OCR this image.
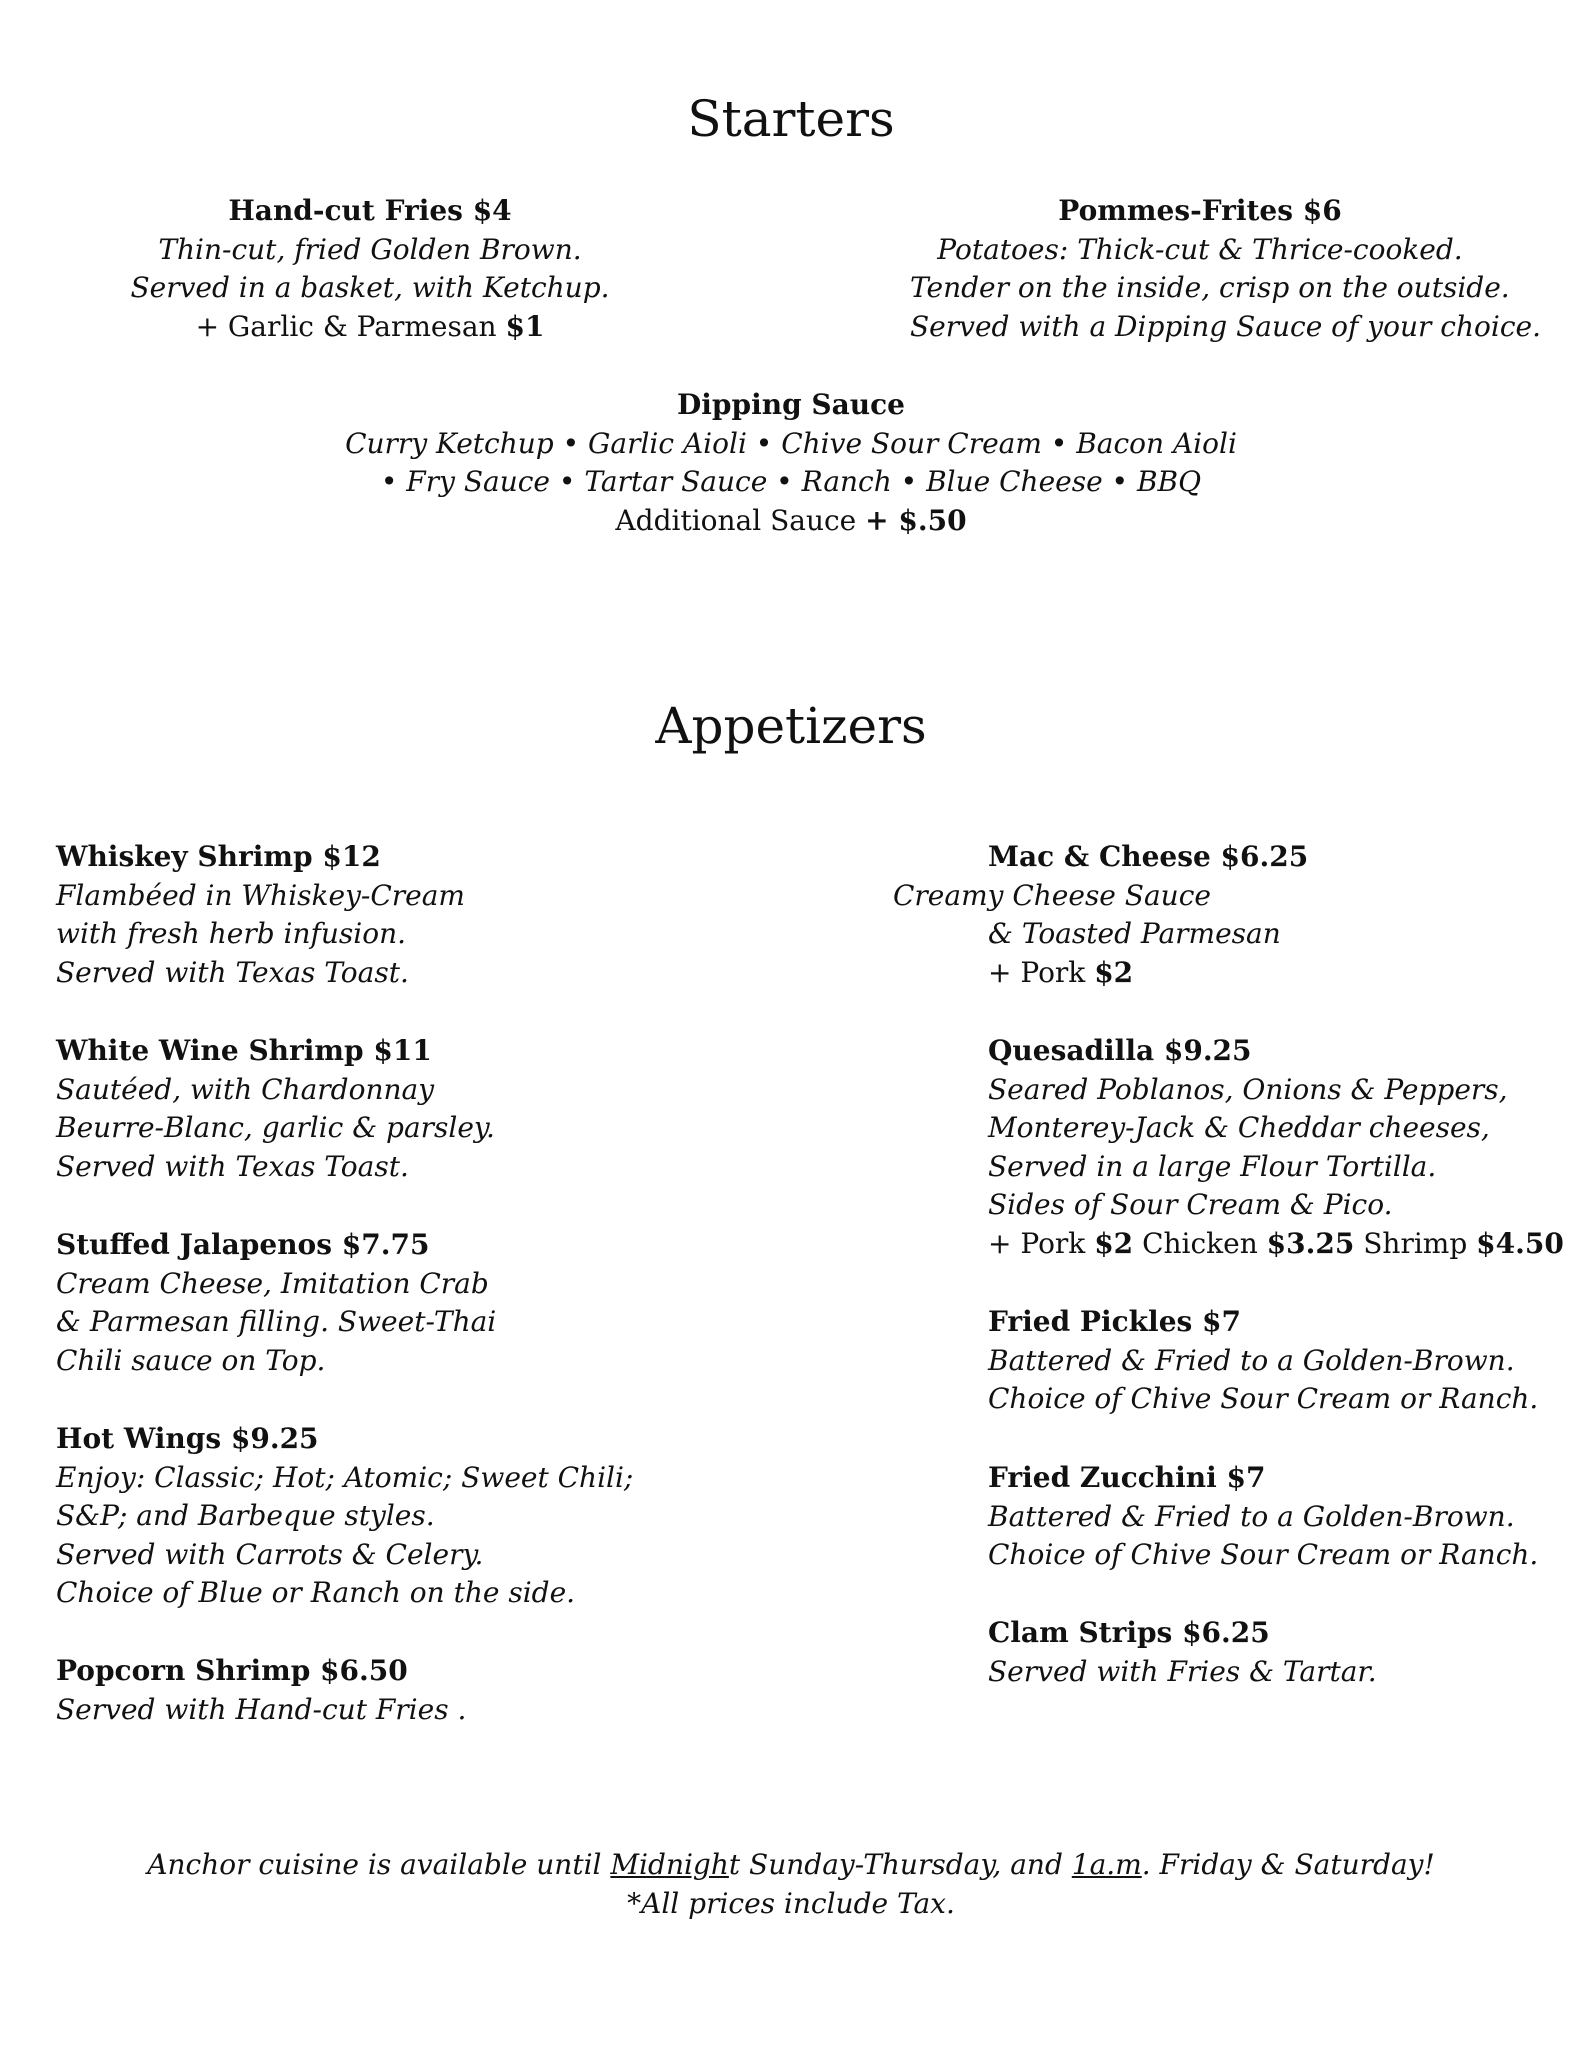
Starters
Hand-cut Fries $4
Thin-cut, fried Golden Brown.
Served in a basket, with Ketchup.
+ Garlic & Parmesan $1
Pommes-Frites $6
Potatoes: Thick-cut & Thrice-cooked.
Tender on the inside, crisp on the outside.
Served with a Dipping Sauce of your choice.
Dipping Sauce
Curry Ketchup • Garlic Aioli • Chive Sour Cream • Bacon Aioli
• Fry Sauce • Tartar Sauce • Ranch • Blue Cheese • BBQ
Additional Sauce + $.50
Appetizers
Whiskey Shrimp $12
Flambéed in Whiskey-Cream
with fresh herb infusion.
Served with Texas Toast.
White Wine Shrimp $11
Sautéed, with Chardonnay
Beurre-Blanc, garlic & parsley.
Served with Texas Toast.
Stuffed Jalapenos $7.75
Cream Cheese, Imitation Crab
& Parmesan filling. Sweet-Thai
Chili sauce on Top.
Hot Wings $9.25
Enjoy: Classic; Hot; Atomic; Sweet Chili;
S&P; and Barbeque styles.
Served with Carrots & Celery.
Choice of Blue or Ranch on the side.
Popcorn Shrimp $6.50
Served with Hand-cut Fries .
Mac & Cheese $6.25
Creamy Cheese Sauce
& Toasted Parmesan
+ Pork $2
Quesadilla $9.25
Seared Poblanos, Onions & Peppers,
Monterey-Jack & Cheddar cheeses,
Served in a large Flour Tortilla.
Sides of Sour Cream & Pico.
+ Pork $2 Chicken $3.25 Shrimp $4.50
Fried Pickles $7
Battered & Fried to a Golden-Brown.
Choice of Chive Sour Cream or Ranch.
Fried Zucchini $7
Battered & Fried to a Golden-Brown.
Choice of Chive Sour Cream or Ranch.
Clam Strips $6.25
Served with Fries & Tartar.
Anchor cuisine is available until Midnight Sunday-Thursday, and 1a.m. Friday & Saturday!
*All prices include Tax.
